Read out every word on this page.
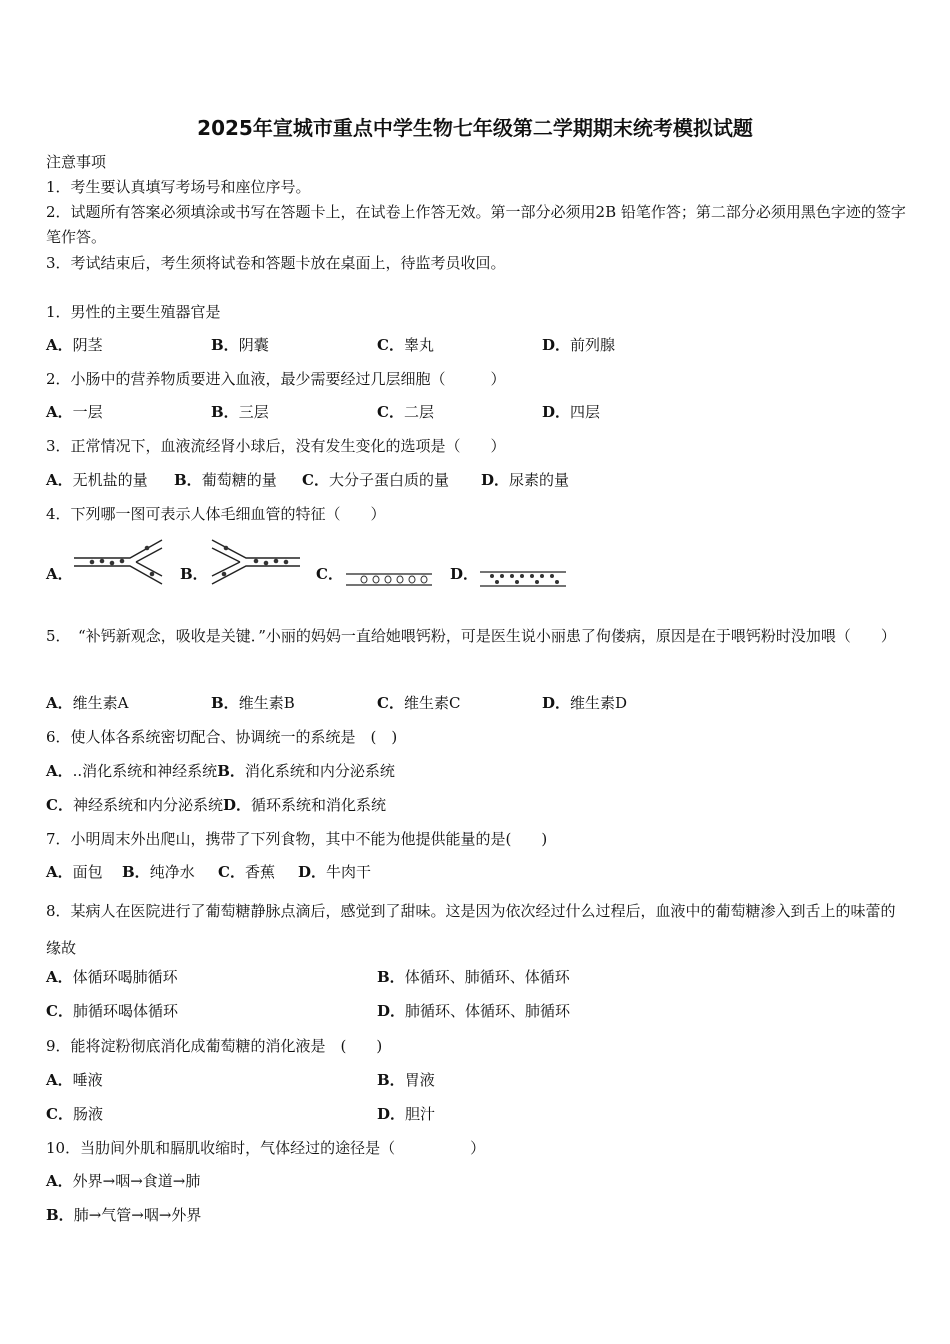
2025年宣城市重点中学生物七年级第二学期期末统考模拟试题
注意事项
1．考生要认真填写考场号和座位序号。
2．试题所有答案必须填涂或书写在答题卡上，在试卷上作答无效。第一部分必须用2B 铅笔作答；第二部分必须用黑色字迹的签字笔作答。
3．考试结束后，考生须将试卷和答题卡放在桌面上，待监考员收回。
1．男性的主要生殖器官是
A．阴茎	B．阴囊	C．睾丸	D．前列腺
2．小肠中的营养物质要进入血液，最少需要经过几层细胞（　　　）
A．一层	B．三层	C．二层	D．四层
3．正常情况下，血液流经肾小球后，没有发生变化的选项是（　　）
A．无机盐的量 B．葡萄糖的量 C．大分子蛋白质的量 D．尿素的量
4．下列哪一图可表示人体毛细血管的特征（　　）
A．	B．	C．	D．
5．　“补钙新观念，吸收是关键．”小丽的妈妈一直给她喂钙粉，可是医生说小丽患了佝偻病，原因是在于喂钙粉时没加喂（　　）
A．维生素A	B．维生素B	C．维生素C	D．维生素D
6．使人体各系统密切配合、协调统一的系统是　(　)
A．..消化系统和神经系统B．消化系统和内分泌系统
C．神经系统和内分泌系统D．循环系统和消化系统
7．小明周末外出爬山，携带了下列食物，其中不能为他提供能量的是(　　)
A．面包 B．纯净水 C．香蕉 D．牛肉干
8．某病人在医院进行了葡萄糖静脉点滴后，感觉到了甜味。这是因为依次经过什么过程后，血液中的葡萄糖渗入到舌上的味蕾的缘故
A．体循环喝肺循环	B．体循环、肺循环、体循环
C．肺循环喝体循环	D．肺循环、体循环、肺循环
9．能将淀粉彻底消化成葡萄糖的消化液是　(　　)
A．唾液	B．胃液
C．肠液	D．胆汁
10．当肋间外肌和膈肌收缩时，气体经过的途径是（　　　　　）
A．外界→咽→食道→肺
B．肺→气管→咽→外界
